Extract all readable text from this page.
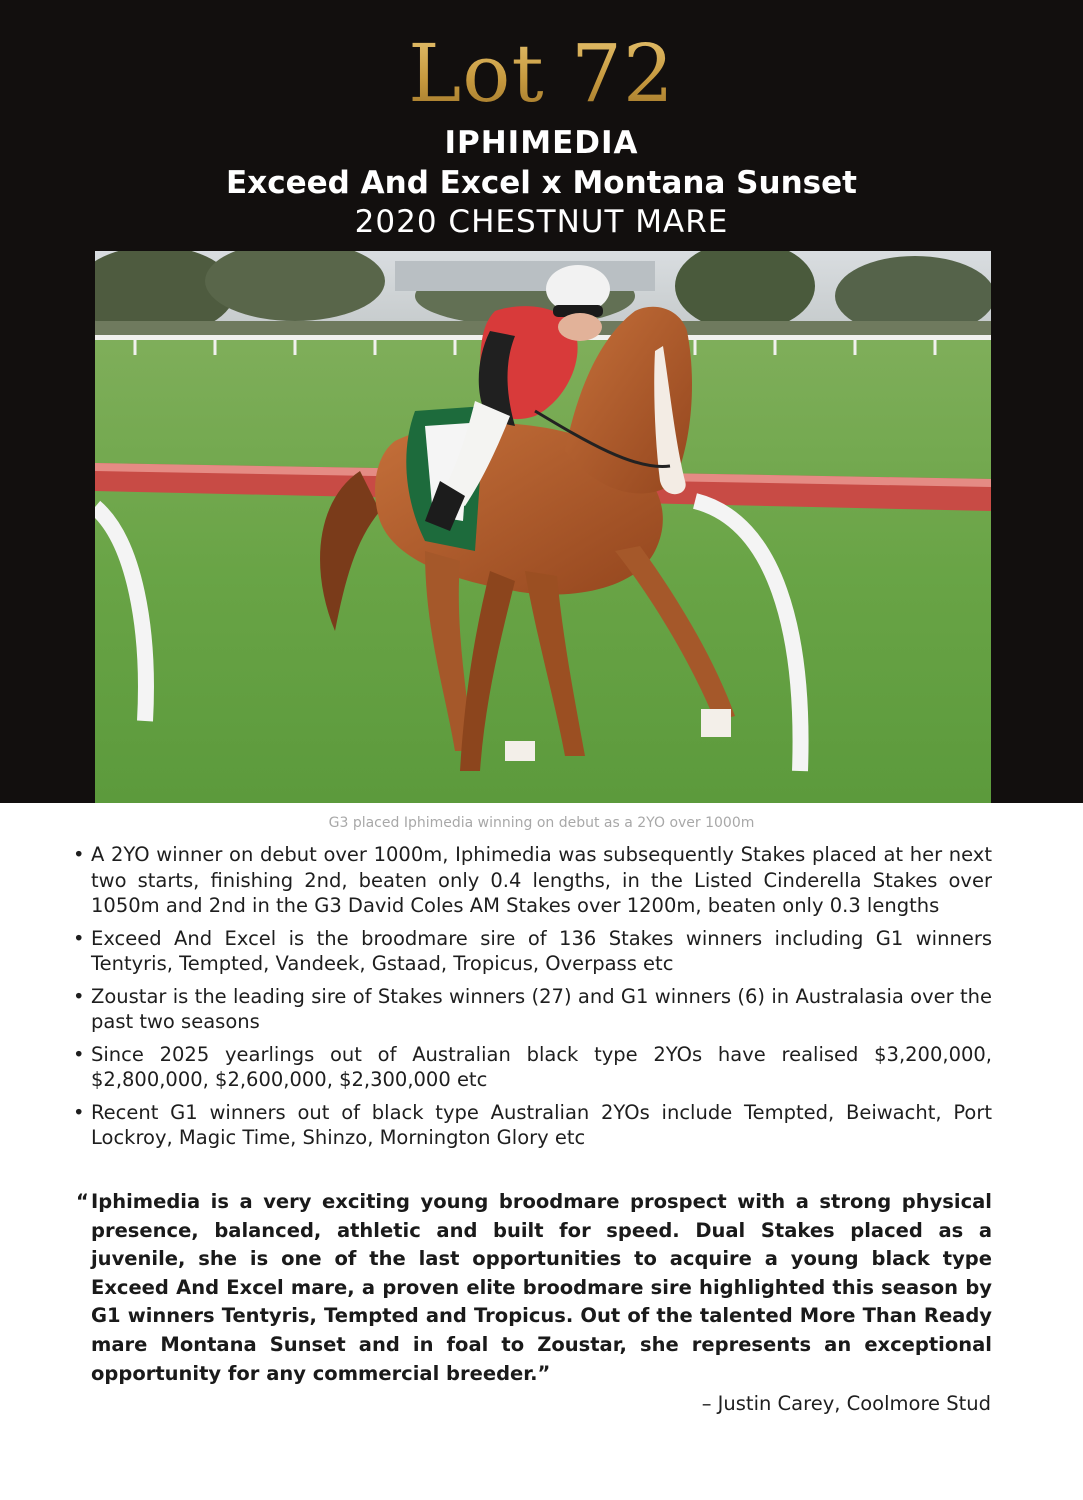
Lot 72
IPHIMEDIA
Exceed And Excel x Montana Sunset
2020 CHESTNUT MARE
G3 placed Iphimedia winning on debut as a 2YO over 1000m
• A 2YO winner on debut over 1000m, Iphimedia was subsequently Stakes placed at her next two starts, finishing 2nd, beaten only 0.4 lengths, in the Listed Cinderella Stakes over 1050m and 2nd in the G3 David Coles AM Stakes over 1200m, beaten only 0.3 lengths
• Exceed And Excel is the broodmare sire of 136 Stakes winners including G1 winners Tentyris, Tempted, Vandeek, Gstaad, Tropicus, Overpass etc
• Zoustar is the leading sire of Stakes winners (27) and G1 winners (6) in Australasia over the past two seasons
• Since 2025 yearlings out of Australian black type 2YOs have realised $3,200,000, $2,800,000, $2,600,000, $2,300,000 etc
• Recent G1 winners out of black type Australian 2YOs include Tempted, Beiwacht, Port Lockroy, Magic Time, Shinzo, Mornington Glory etc
“ Iphimedia is a very exciting young broodmare prospect with a strong physical presence, balanced, athletic and built for speed. Dual Stakes placed as a juvenile, she is one of the last opportunities to acquire a young black type Exceed And Excel mare, a proven elite broodmare sire highlighted this season by G1 winners Tentyris, Tempted and Tropicus. Out of the talented More Than Ready mare Montana Sunset and in foal to Zoustar, she represents an exceptional opportunity for any commercial breeder.”
– Justin Carey, Coolmore Stud
